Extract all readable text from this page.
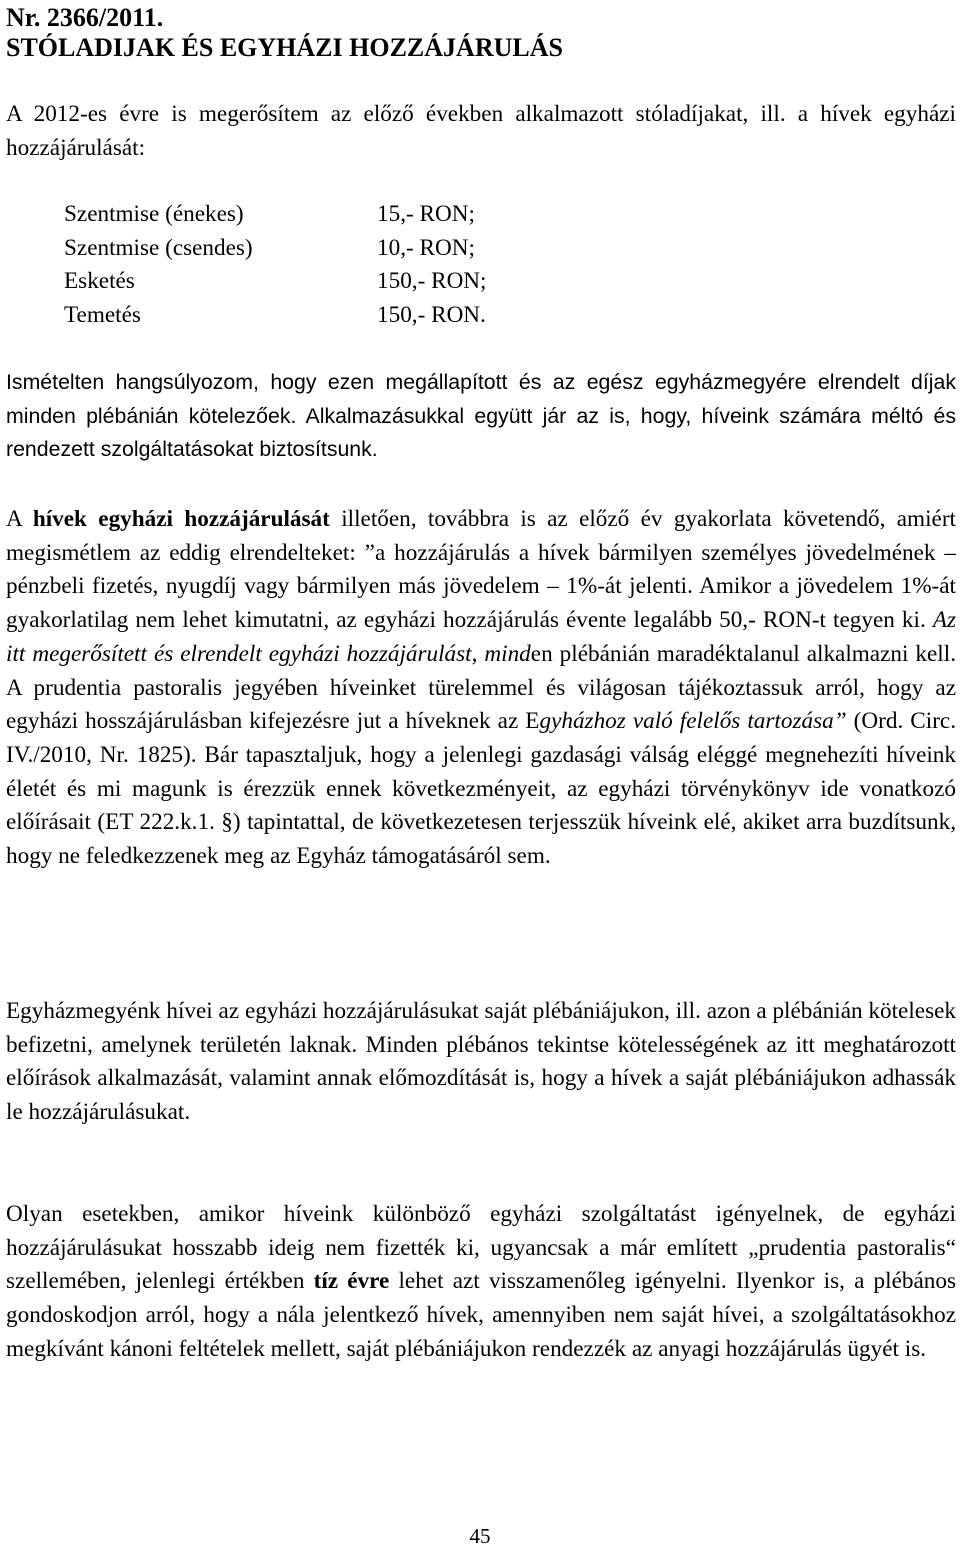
Nr. 2366/2011.

STÓLADIJAK ÉS EGYHÁZI HOZZÁJÁRULÁS

A 2012-es évre is megerősítem az előző években alkalmazott stóladíjakat, ill. a hívek egyházi hozzájárulását:

Szentmise (énekes)	15,- RON;
Szentmise (csendes)	10,- RON;
Esketés	150,- RON;
Temetés	150,- RON.

Ismételten hangsúlyozom, hogy ezen megállapított és az egész egyházmegyére elrendelt díjak minden plébánián kötelezőek. Alkalmazásukkal együtt jár az is, hogy, híveink számára méltó és rendezett szolgáltatásokat biztosítsunk.

A hívek egyházi hozzájárulását illetően, továbbra is az előző év gyakorlata követendő, amiért megismétlem az eddig elrendelteket: ”a hozzájárulás a hívek bármilyen személyes jövedelmének – pénzbeli fizetés, nyugdíj vagy bármilyen más jövedelem – 1%-át jelenti. Amikor a jövedelem 1%-át gyakorlatilag nem lehet kimutatni, az egyházi hozzájárulás évente legalább 50,- RON-t tegyen ki. Az itt megerősített és elrendelt egyházi hozzájárulást, minden plébánián maradéktalanul alkalmazni kell. A prudentia pastoralis jegyében híveinket türelemmel és világosan tájékoztassuk arról, hogy az egyházi hosszájárulásban kifejezésre jut a híveknek az Egyházhoz való felelős tartozása” (Ord. Circ. IV./2010, Nr. 1825). Bár tapasztaljuk, hogy a jelenlegi gazdasági válság eléggé megnehezíti híveink életét és mi magunk is érezzük ennek következményeit, az egyházi törvénykönyv ide vonatkozó előírásait (ET 222.k.1. §) tapintattal, de következetesen terjesszük híveink elé, akiket arra buzdítsunk, hogy ne feledkezzenek meg az Egyház támogatásáról sem.

Egyházmegyénk hívei az egyházi hozzájárulásukat saját plébániájukon, ill. azon a plébánián kötelesek befizetni, amelynek területén laknak. Minden plébános tekintse kötelességének az itt meghatározott előírások alkalmazását, valamint annak előmozdítását is, hogy a hívek a saját plébániájukon adhassák le hozzájárulásukat.

Olyan esetekben, amikor híveink különböző egyházi szolgáltatást igényelnek, de egyházi hozzájárulásukat hosszabb ideig nem fizették ki, ugyancsak a már említett „prudentia pastoralis“ szellemében, jelenlegi értékben tíz évre lehet azt visszamenőleg igényelni. Ilyenkor is, a plébános gondoskodjon arról, hogy a nála jelentkező hívek, amennyiben nem saját hívei, a szolgáltatásokhoz megkívánt kánoni feltételek mellett, saját plébániájukon rendezzék az anyagi hozzájárulás ügyét is.

45
